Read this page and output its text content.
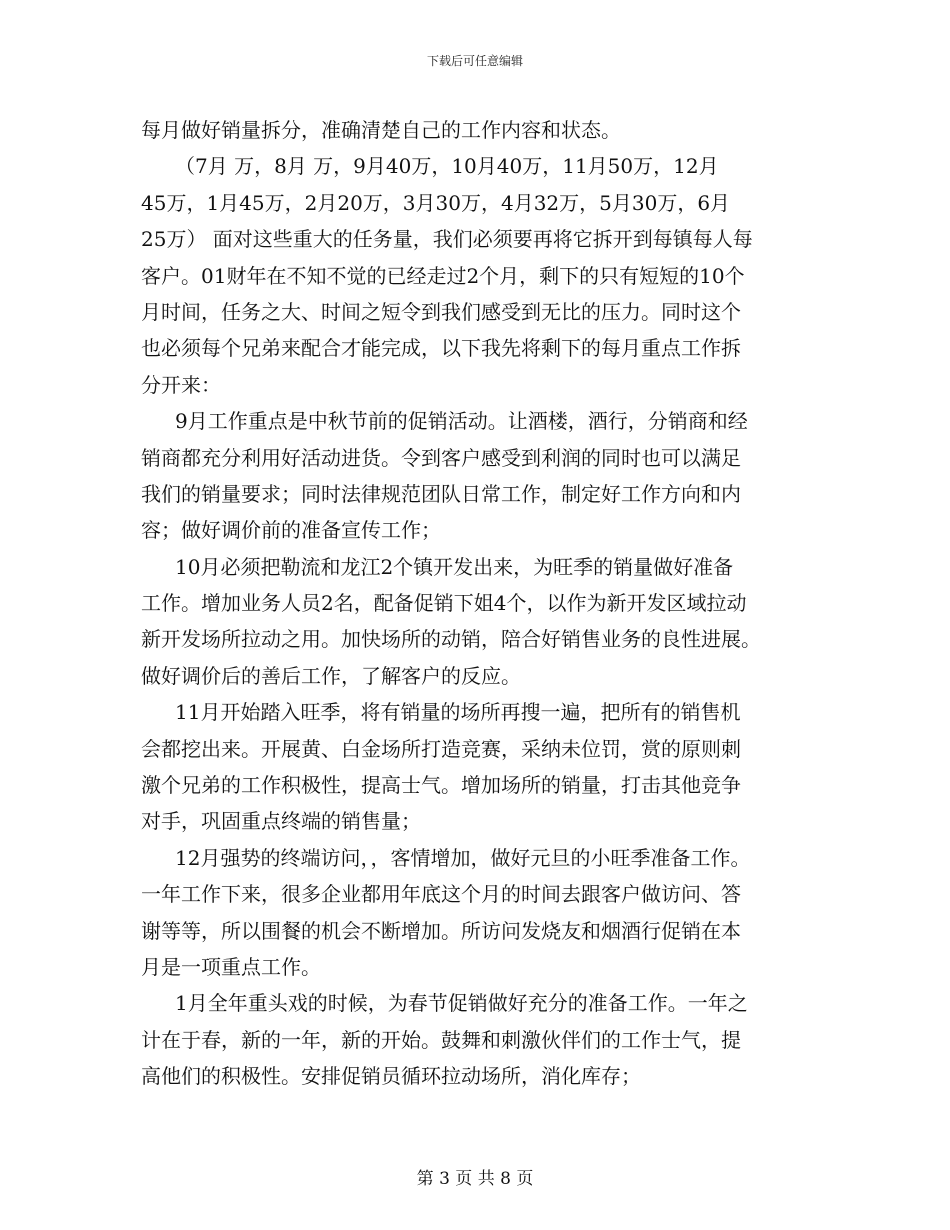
下载后可任意编辑
每月做好销量拆分，准确清楚自己的工作内容和状态。
（7月 万，8月 万，9月40万，10月40万，11月50万，12月
45万，1月45万，2月20万，3月30万，4月32万，5月30万，6月
25万） 面对这些重大的任务量，我们必须要再将它拆开到每镇每人每
客户。01财年在不知不觉的已经走过2个月，剩下的只有短短的10个
月时间，任务之大、时间之短令到我们感受到无比的压力。同时这个
也必须每个兄弟来配合才能完成，以下我先将剩下的每月重点工作拆
分开来：
9月工作重点是中秋节前的促销活动。让酒楼，酒行，分销商和经
销商都充分利用好活动进货。令到客户感受到利润的同时也可以满足
我们的销量要求；同时法律规范团队日常工作，制定好工作方向和内
容；做好调价前的准备宣传工作；
10月必须把勒流和龙江2个镇开发出来，为旺季的销量做好准备
工作。增加业务人员2名，配备促销下姐4个，以作为新开发区域拉动
新开发场所拉动之用。加快场所的动销，陪合好销售业务的良性进展。
做好调价后的善后工作，了解客户的反应。
11月开始踏入旺季，将有销量的场所再搜一遍，把所有的销售机
会都挖出来。开展黄、白金场所打造竞赛，采纳未位罚，赏的原则刺
激个兄弟的工作积极性，提高士气。增加场所的销量，打击其他竞争
对手，巩固重点终端的销售量；
12月强势的终端访问，，客情增加，做好元旦的小旺季准备工作。
一年工作下来，很多企业都用年底这个月的时间去跟客户做访问、答
谢等等，所以围餐的机会不断增加。所访问发烧友和烟酒行促销在本
月是一项重点工作。
1月全年重头戏的时候，为春节促销做好充分的准备工作。一年之
计在于春，新的一年，新的开始。鼓舞和刺激伙伴们的工作士气，提
高他们的积极性。安排促销员循环拉动场所，消化库存；
第 3 页 共 8 页
